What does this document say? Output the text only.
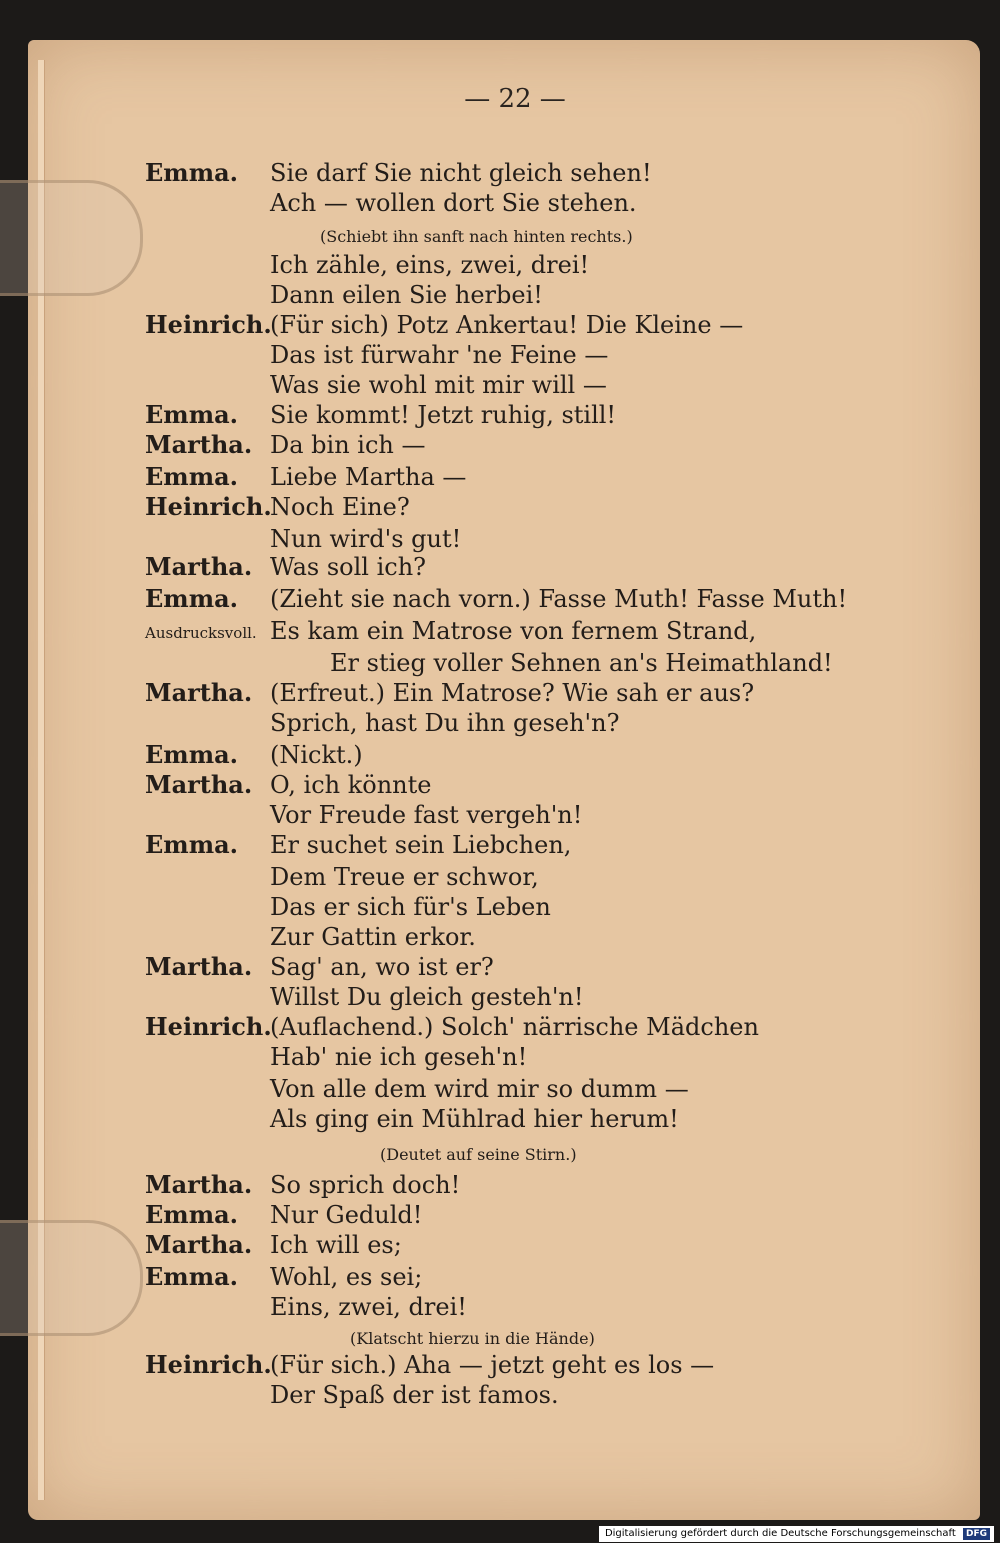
— 22 —
Emma. Sie darf Sie nicht gleich sehen!
Ach — wollen dort Sie stehen.
(Schiebt ihn sanft nach hinten rechts.)
Ich zähle, eins, zwei, drei!
Dann eilen Sie herbei!
Heinrich.
(Für sich) Potz Ankertau! Die Kleine —
Das ist fürwahr 'ne Feine —
Was sie wohl mit mir will —
Emma. Sie kommt! Jetzt ruhig, still!
Martha. Da bin ich —
Emma. Liebe Martha —
Heinrich.
Noch Eine?
Nun wird's gut!
Martha. Was soll ich?
Emma. (Zieht sie nach vorn.) Fasse Muth! Fasse Muth!
Ausdrucksvoll. Es kam ein Matrose von fernem Strand,
Er stieg voller Sehnen an's Heimathland!
Martha. (Erfreut.) Ein Matrose? Wie sah er aus?
Sprich, hast Du ihn geseh'n?
Emma. (Nickt.)
Martha. O, ich könnte
Vor Freude fast vergeh'n!
Emma. Er suchet sein Liebchen,
Dem Treue er schwor,
Das er sich für's Leben
Zur Gattin erkor.
Martha. Sag' an, wo ist er?
Willst Du gleich gesteh'n!
Heinrich.
(Auflachend.) Solch' närrische Mädchen
Hab' nie ich geseh'n!
Von alle dem wird mir so dumm —
Als ging ein Mühlrad hier herum!
(Deutet auf seine Stirn.)
Martha. So sprich doch!
Emma. Nur Geduld!
Martha. Ich will es;
Emma. Wohl, es sei;
Eins, zwei, drei!
(Klatscht hierzu in die Hände)
Heinrich.
(Für sich.) Aha — jetzt geht es los —
Der Spaß der ist famos.
Digitalisierung gefördert durch die Deutsche Forschungsgemeinschaft DFG
